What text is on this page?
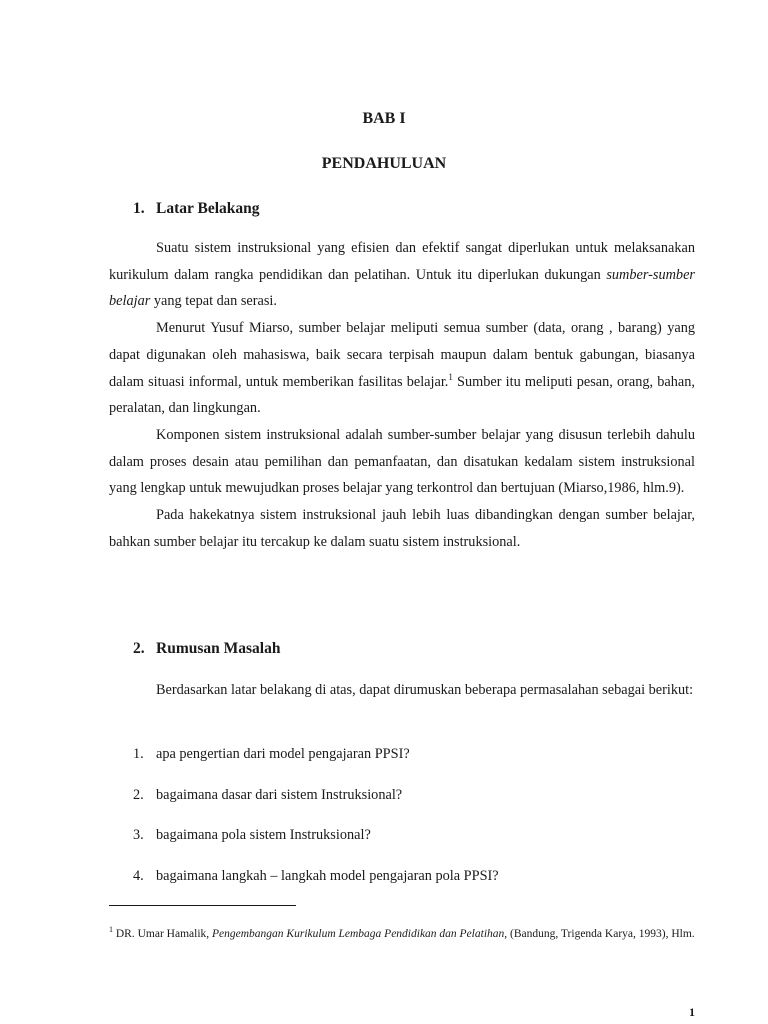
BAB I
PENDAHULUAN
1. Latar Belakang

Suatu sistem instruksional yang efisien dan efektif sangat diperlukan untuk melaksanakan kurikulum dalam rangka pendidikan dan pelatihan. Untuk itu diperlukan dukungan sumber-sumber belajar yang tepat dan serasi.

Menurut Yusuf Miarso, sumber belajar meliputi semua sumber (data, orang , barang) yang dapat digunakan oleh mahasiswa, baik secara terpisah maupun dalam bentuk gabungan, biasanya dalam situasi informal, untuk memberikan fasilitas belajar.$^1$ Sumber itu meliputi pesan, orang, bahan, peralatan, dan lingkungan.

Komponen sistem instruksional adalah sumber-sumber belajar yang disusun terlebih dahulu dalam proses desain atau pemilihan dan pemanfaatan, dan disatukan kedalam sistem instruksional yang lengkap untuk mewujudkan proses belajar yang terkontrol dan bertujuan (Miarso,1986, hlm.9).

Pada hakekatnya sistem instruksional jauh lebih luas dibandingkan dengan sumber belajar, bahkan sumber belajar itu tercakup ke dalam suatu sistem instruksional.

2. Rumusan Masalah

Berdasarkan latar belakang di atas, dapat dirumuskan beberapa permasalahan sebagai berikut:

1. apa pengertian dari model pengajaran PPSI?
2. bagaimana dasar dari sistem Instruksional?
3. bagaimana pola sistem Instruksional?
4. bagaimana langkah – langkah model pengajaran pola PPSI?

$^1$ DR. Umar Hamalik, Pengembangan Kurikulum Lembaga Pendidikan dan Pelatihan, (Bandung, Trigenda Karya, 1993), Hlm.

1
